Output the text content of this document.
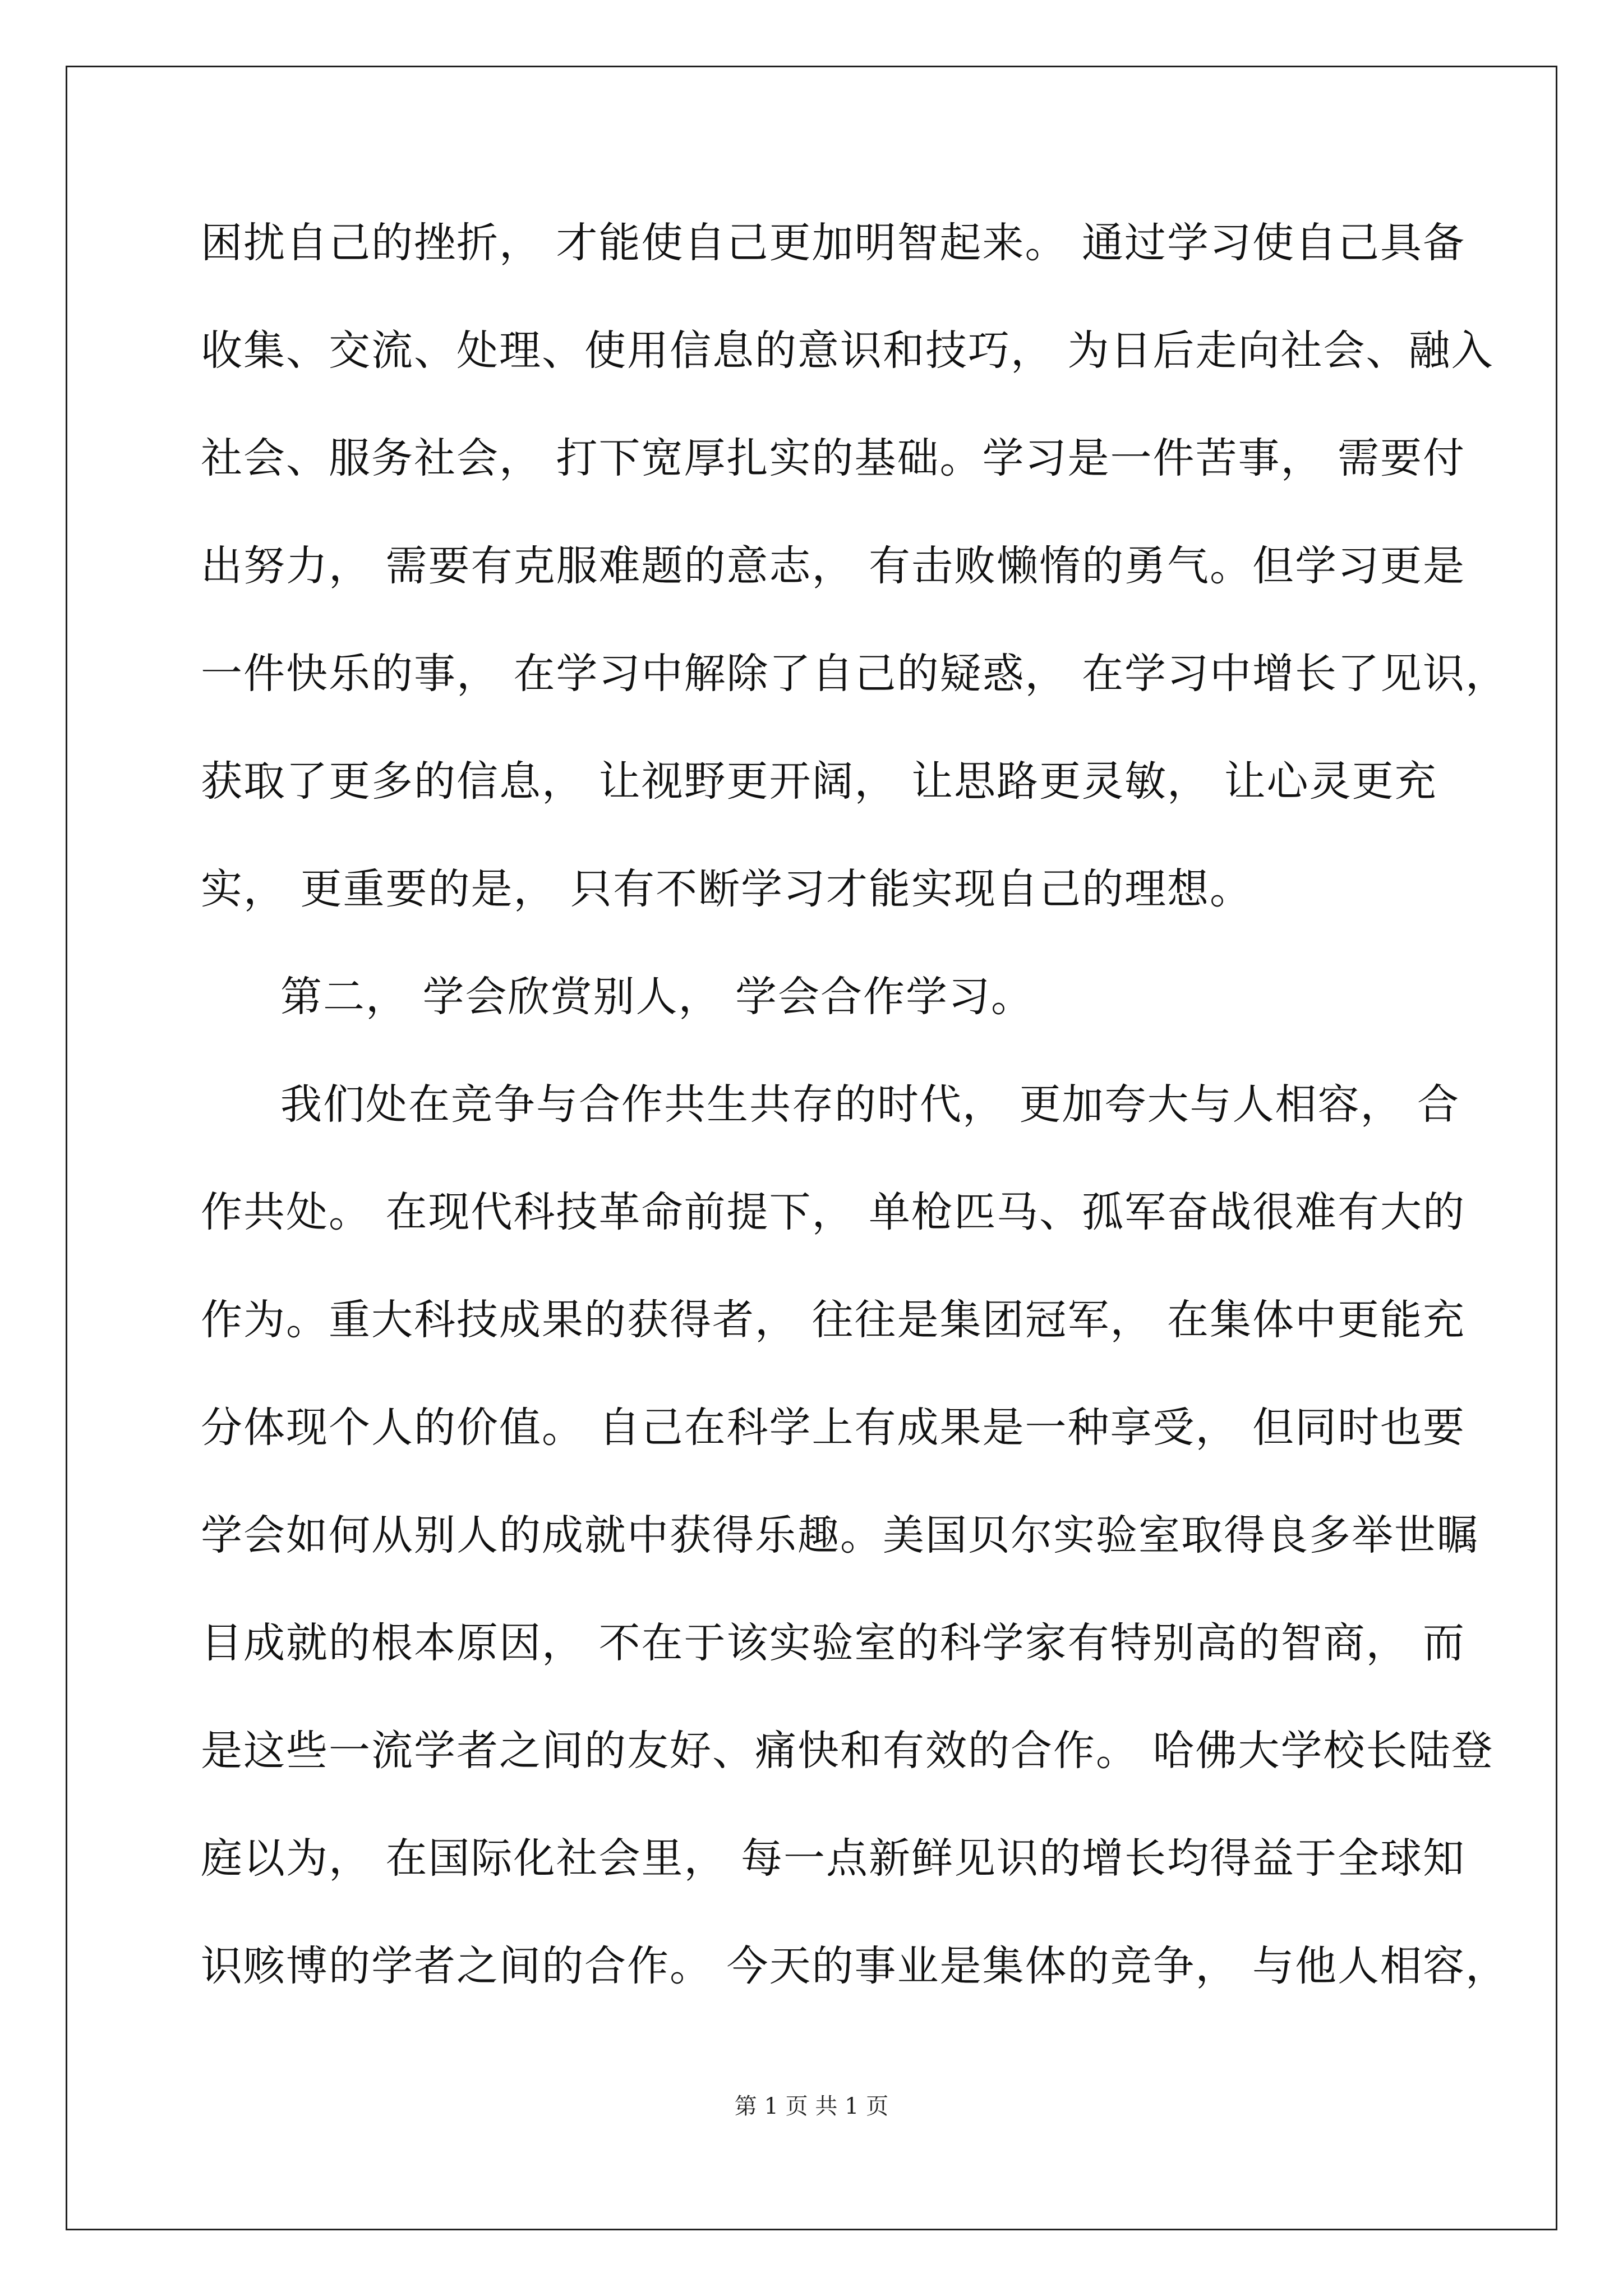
困扰自己的挫折， 才能使自己更加明智起来。 通过学习使自己具备
收集、交流、处理、使用信息的意识和技巧， 为日后走向社会、融入
社会、服务社会， 打下宽厚扎实的基础。学习是一件苦事， 需要付
出努力， 需要有克服难题的意志， 有击败懒惰的勇气。但学习更是
一件快乐的事， 在学习中解除了自己的疑惑， 在学习中增长了见识，
获取了更多的信息， 让视野更开阔， 让思路更灵敏， 让心灵更充
实， 更重要的是， 只有不断学习才能实现自己的理想。
第二， 学会欣赏别人， 学会合作学习。
我们处在竞争与合作共生共存的时代， 更加夸大与人相容， 合
作共处。 在现代科技革命前提下， 单枪匹马、孤军奋战很难有大的
作为。重大科技成果的获得者， 往往是集团冠军， 在集体中更能充
分体现个人的价值。 自己在科学上有成果是一种享受， 但同时也要
学会如何从别人的成就中获得乐趣。美国贝尔实验室取得良多举世瞩
目成就的根本原因， 不在于该实验室的科学家有特别高的智商， 而
是这些一流学者之间的友好、痛快和有效的合作。 哈佛大学校长陆登
庭以为， 在国际化社会里， 每一点新鲜见识的增长均得益于全球知
识赅博的学者之间的合作。 今天的事业是集体的竞争， 与他人相容，
第 1 页 共 1 页
